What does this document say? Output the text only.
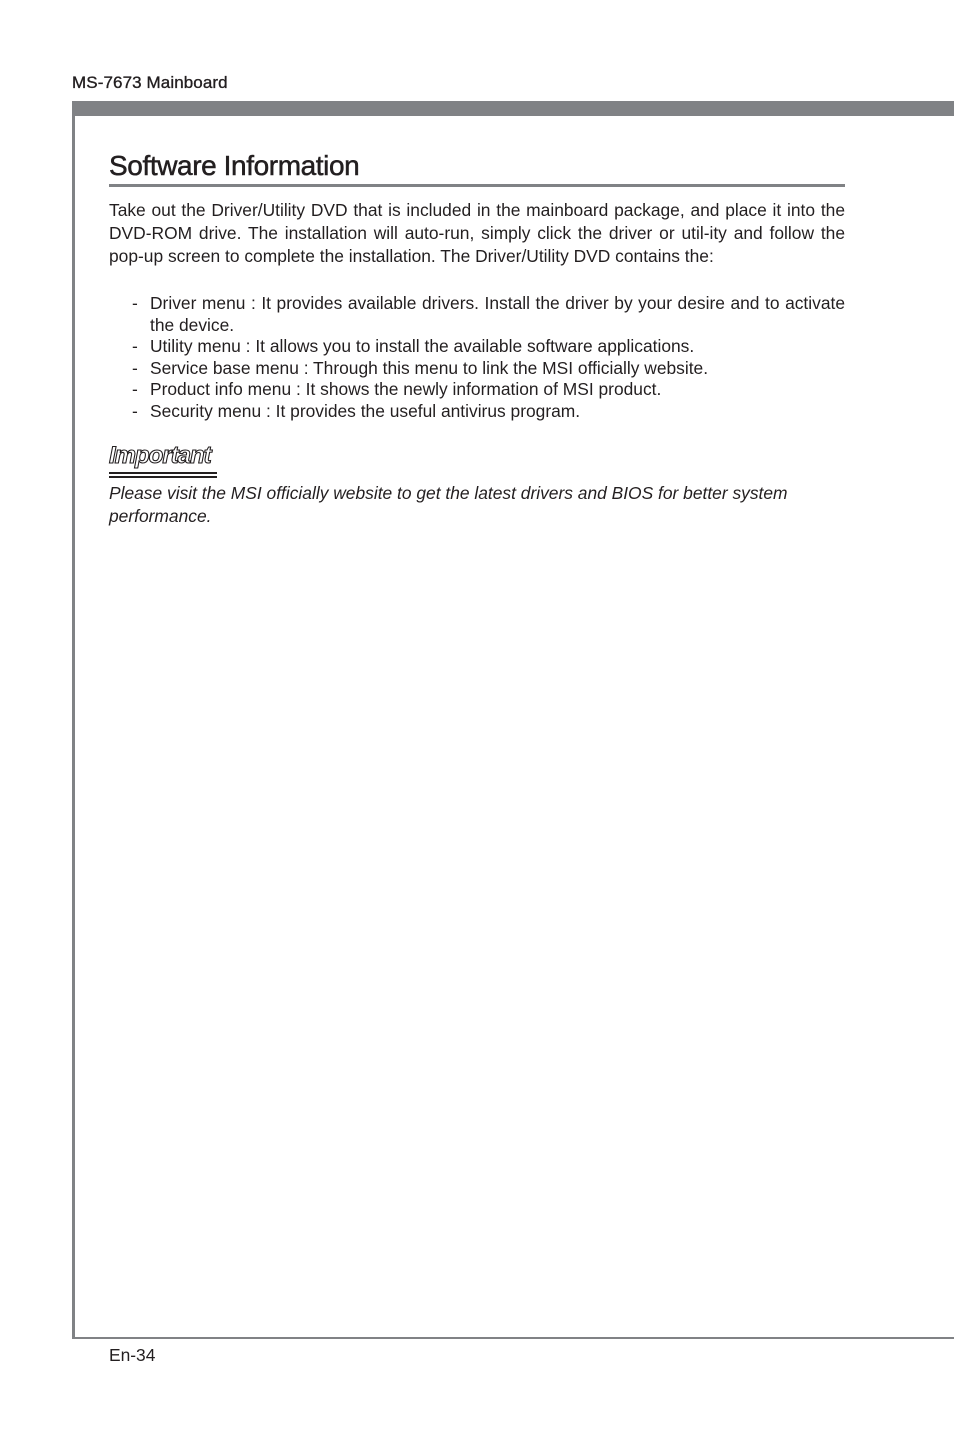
MS-7673 Mainboard
Software Information

Take out the Driver/Utility DVD that is included in the mainboard package, and place it into the DVD-ROM drive. The installation will auto-run, simply click the driver or util-ity and follow the pop-up screen to complete the installation. The Driver/Utility DVD contains the:

- Driver menu : It provides available drivers. Install the driver by your desire and to activate the device.
- Utility menu : It allows you to install the available software applications.
- Service base menu : Through this menu to link the MSI officially website.
- Product info menu : It shows the newly information of MSI product.
- Security menu : It provides the useful antivirus program.
Important

Please visit the MSI officially website to get the latest drivers and BIOS for better system performance.

En-34
